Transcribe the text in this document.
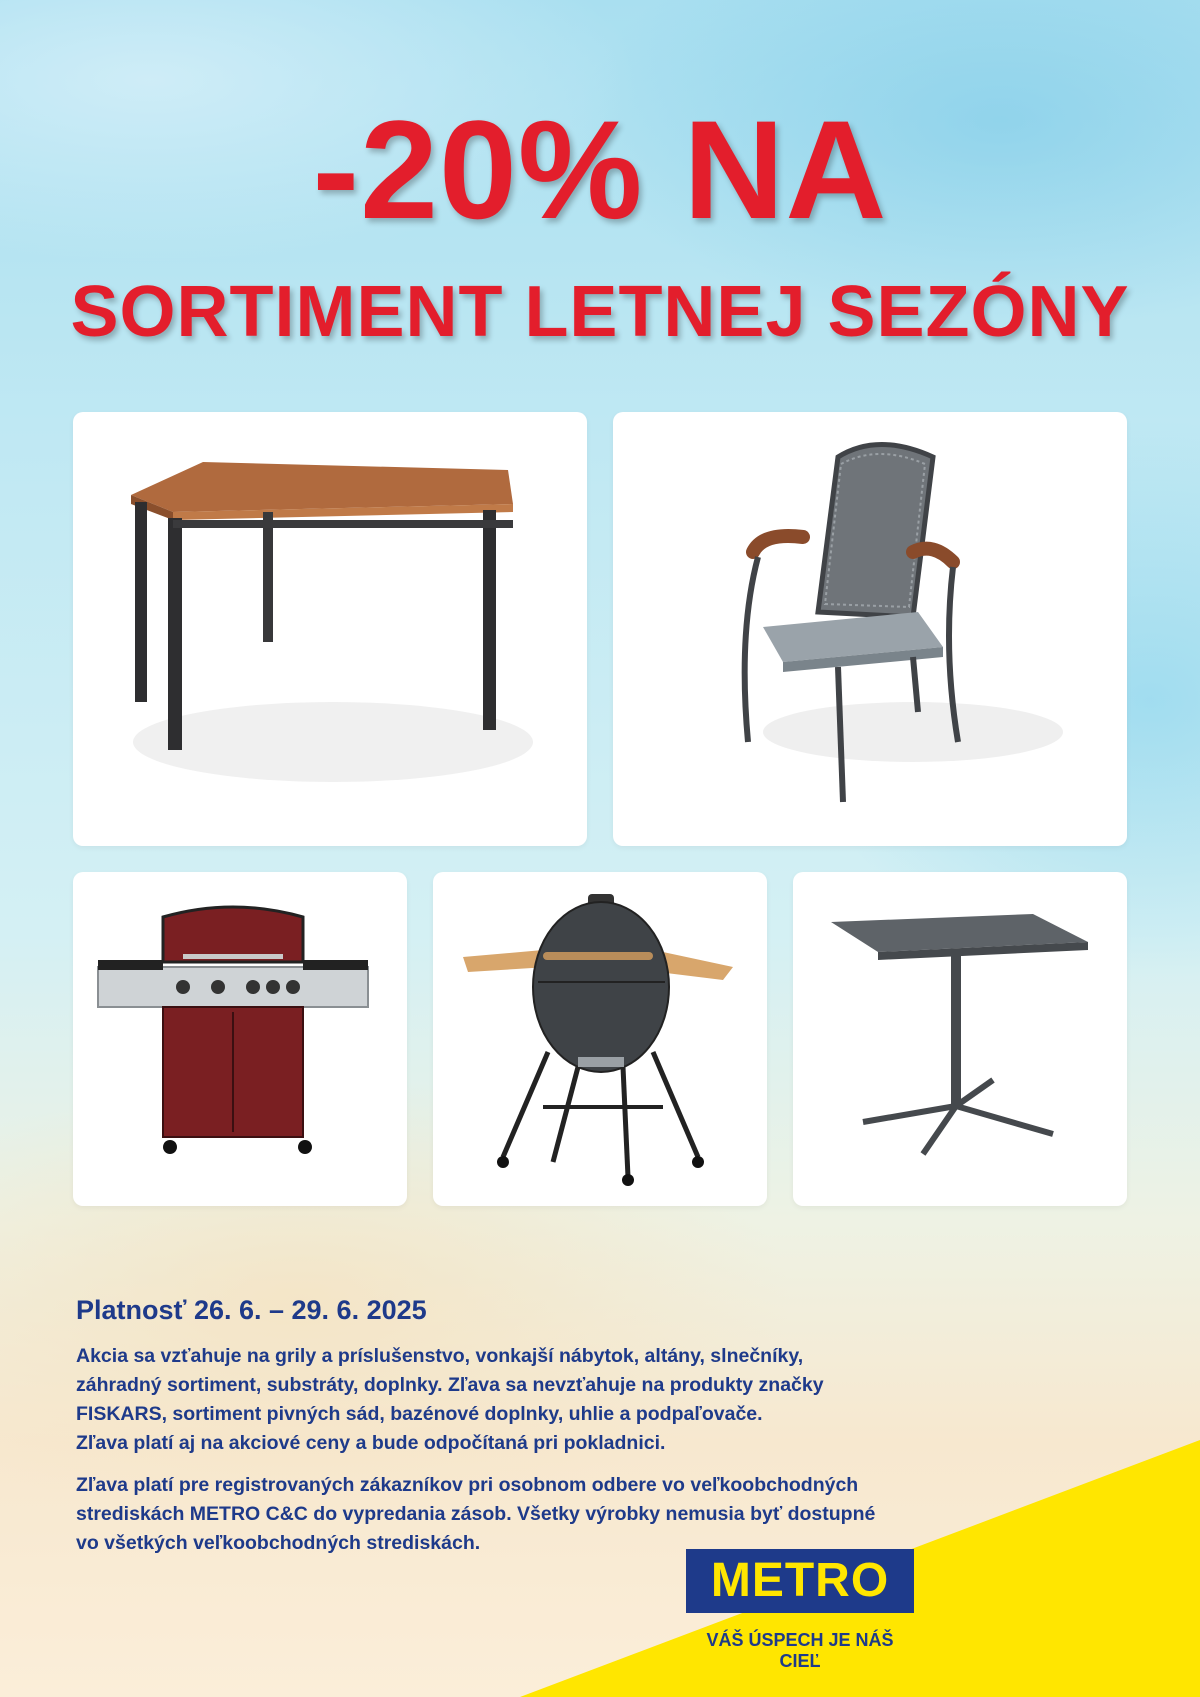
-20% NA
SORTIMENT LETNEJ SEZÓNY

Platnosť 26. 6. – 29. 6. 2025

Akcia sa vzťahuje na grily a príslušenstvo, vonkajší nábytok, altány, slnečníky,
záhradný sortiment, substráty, doplnky. Zľava sa nevzťahuje na produkty značky
FISKARS, sortiment pivných sád, bazénové doplnky, uhlie a podpaľovače.
Zľava platí aj na akciové ceny a bude odpočítaná pri pokladnici.

Zľava platí pre registrovaných zákazníkov pri osobnom odbere vo veľkoobchodných
strediskách METRO C&C do vypredania zásob. Všetky výrobky nemusia byť dostupné
vo všetkých veľkoobchodných strediskách.

METRO
VÁŠ ÚSPECH JE NÁŠ CIEĽ
